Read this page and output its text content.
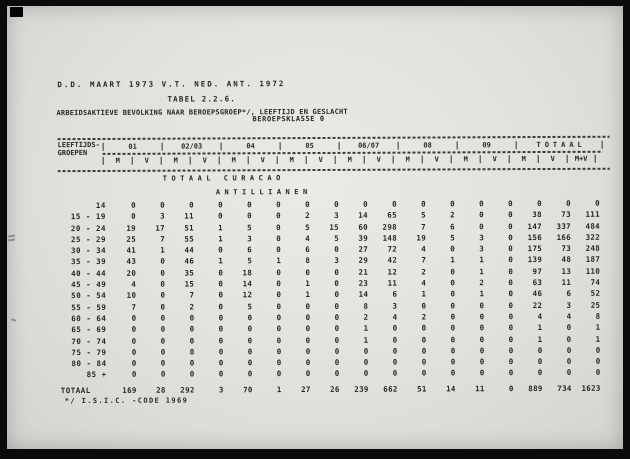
D.D. MAART 1973 V.T. NED. ANT. 1972
TABEL 2.2.6.
ARBEIDSAKTIEVE BEVOLKING NAAR BEROEPSGROEP*/, LEEFTIJD EN GESLACHT
BEROEPSKLASSE 0
LEEFTIJDS-
GROEPEN
01	02/03	04	05	06/07	08	09	TOTAAL
M	V	M	V	M	V	M	V	M	V	M	V	M	V	M	V	M+V
TOTAAL CURACAO
ANTILLIANEN
14	0	0	0	0	0	0	0	0	0	0	0	0	0	0	0	0	0
15 - 19	0	3	11	0	0	0	2	3	14	65	5	2	0	0	38	73	111
20 - 24	19	17	51	1	5	0	5	15	60	298	7	6	0	0	147	337	484
25 - 29	25	7	55	1	3	0	4	5	39	148	19	5	3	0	156	166	322
30 - 34	41	1	44	0	6	0	6	0	27	72	4	0	3	0	175	73	248
35 - 39	43	0	46	1	5	1	8	3	29	42	7	1	1	0	139	48	187
40 - 44	20	0	35	0	18	0	0	0	21	12	2	0	1	0	97	13	110
45 - 49	4	0	15	0	14	0	1	0	23	11	4	0	2	0	63	11	74
50 - 54	10	0	7	0	12	0	1	0	14	6	1	0	1	0	46	6	52
55 - 59	7	0	2	0	5	0	0	0	8	3	0	0	0	0	22	3	25
60 - 64	0	0	0	0	0	0	0	0	2	4	2	0	0	0	4	4	8
65 - 69	0	0	0	0	0	0	0	0	1	0	0	0	0	0	1	0	1
70 - 74	0	0	0	0	0	0	0	0	1	0	0	0	0	0	1	0	1
75 - 79	0	0	0	0	0	0	0	0	0	0	0	0	0	0	0	0	0
80 - 84	0	0	0	0	0	0	0	0	0	0	0	0	0	0	0	0	0
85 +	0	0	0	0	0	0	0	0	0	0	0	0	0	0	0	0	0
TOTAAL	169	28	292	3	70	1	27	26	239	662	51	14	11	0	889	734	1623
*/ I.S.I.C. -CODE 1969
